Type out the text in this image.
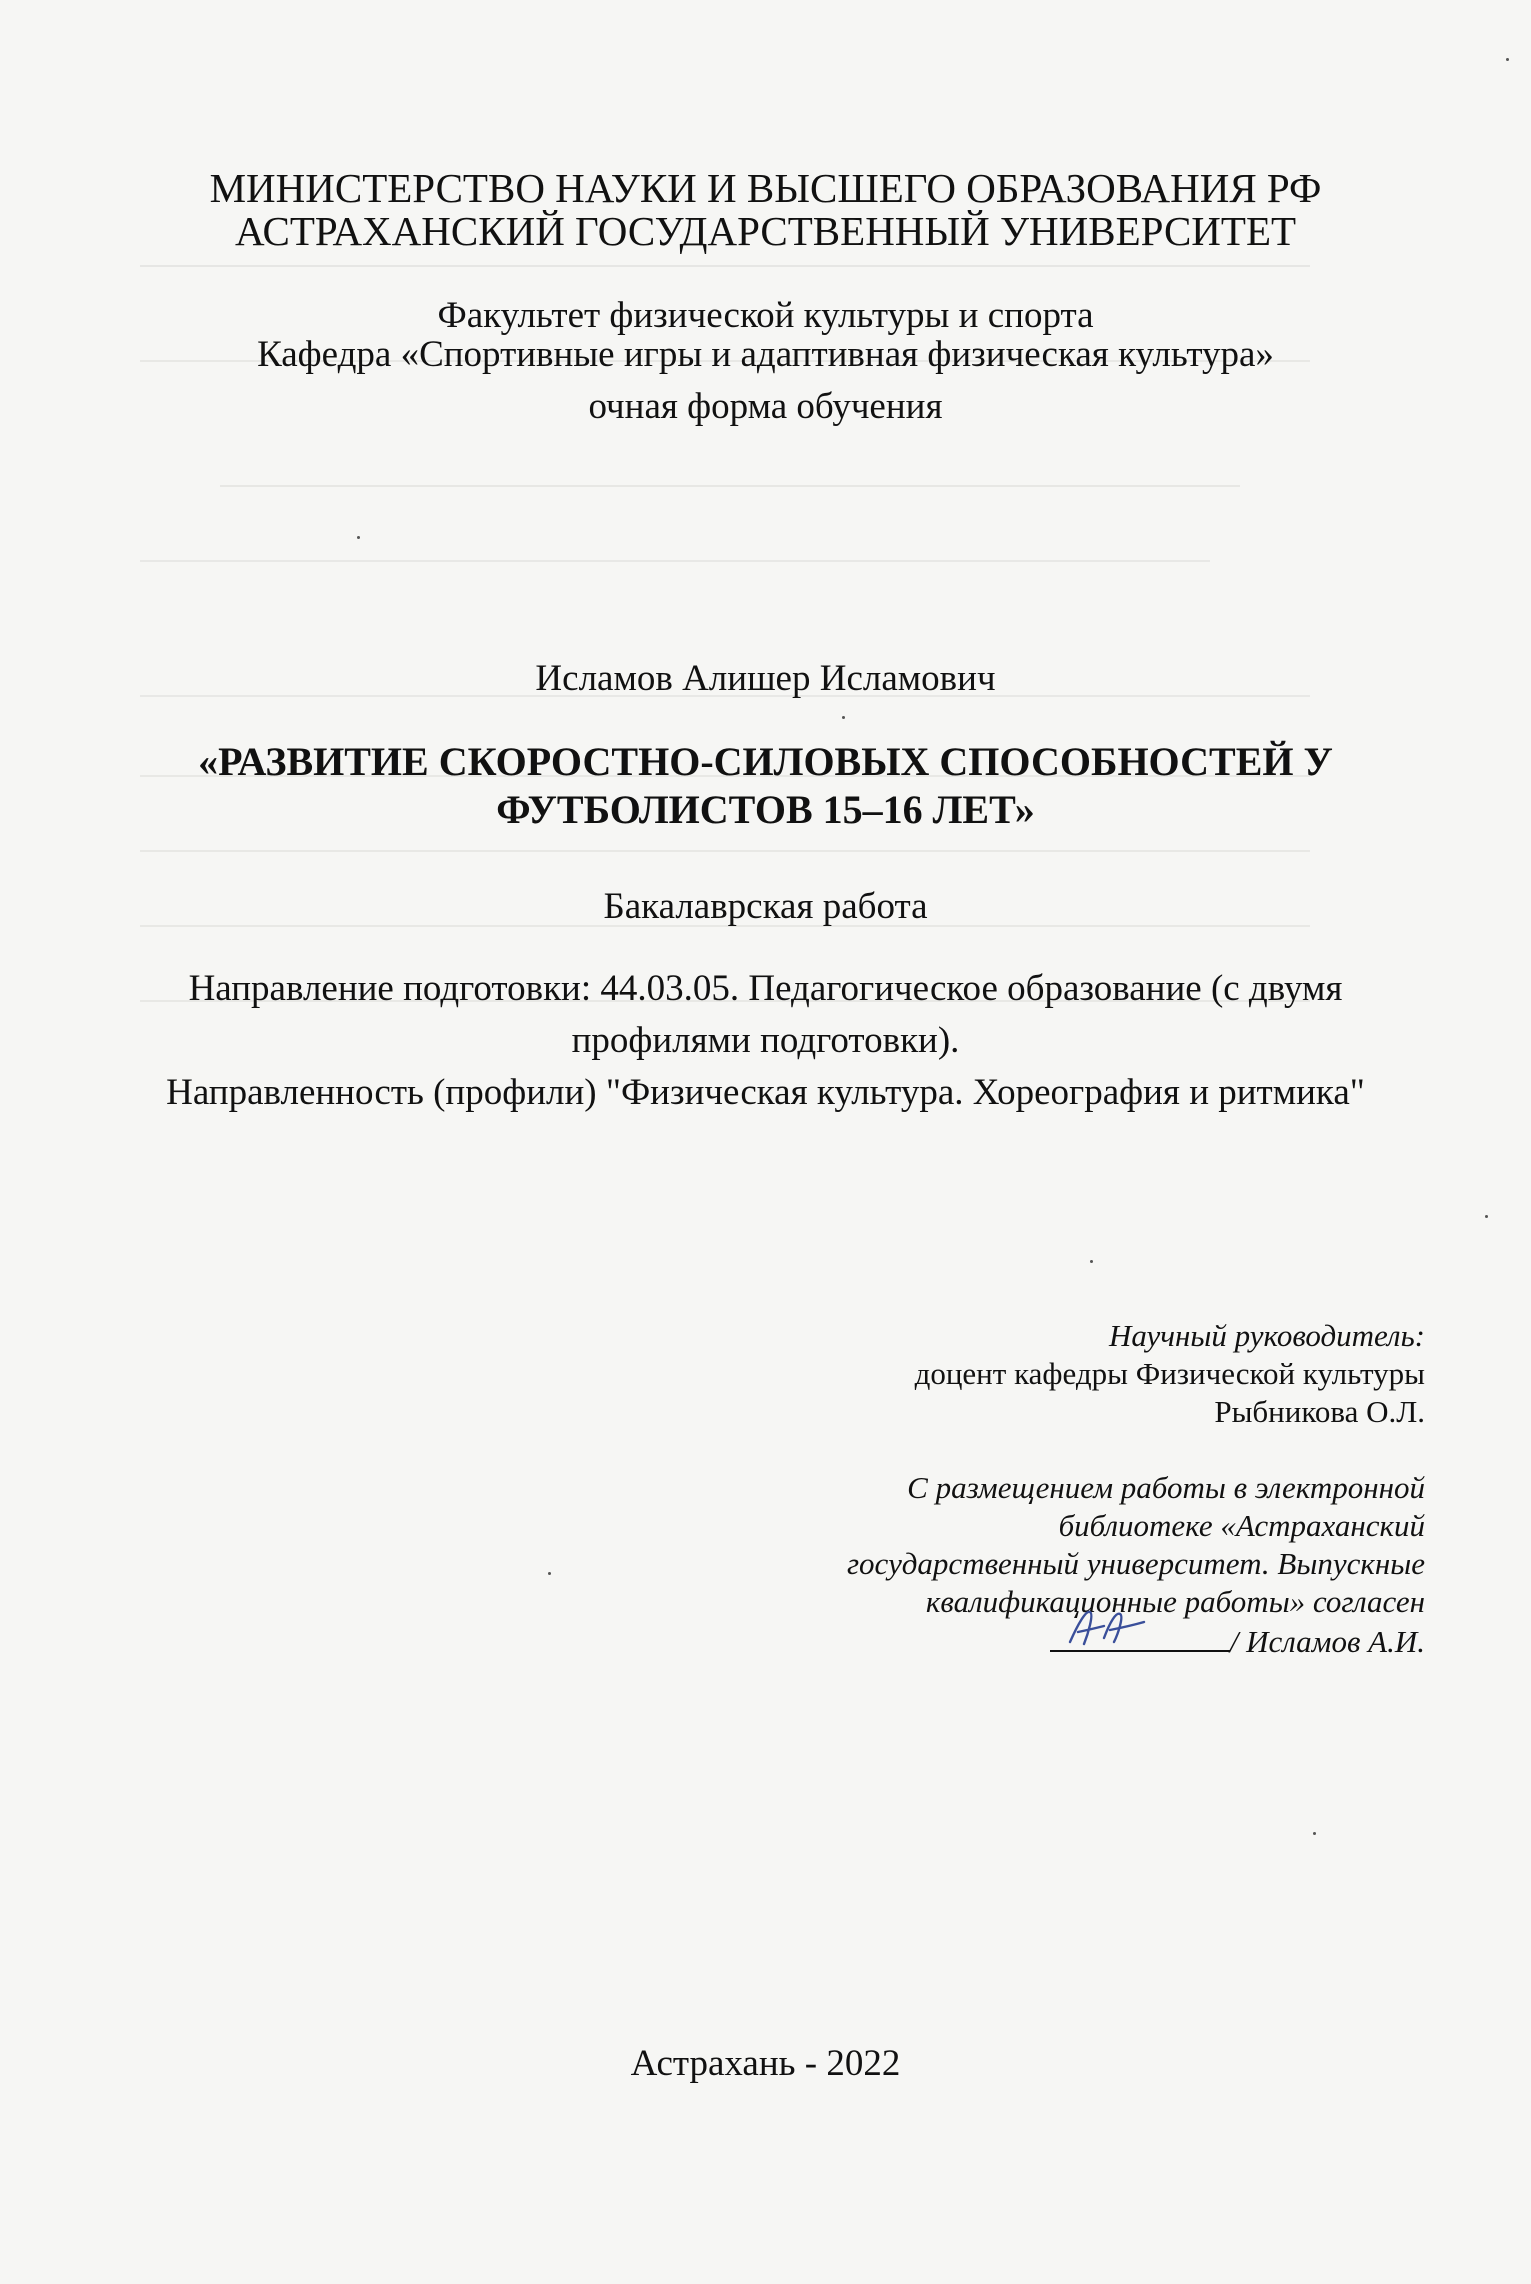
МИНИСТЕРСТВО НАУКИ И ВЫСШЕГО ОБРАЗОВАНИЯ РФ
АСТРАХАНСКИЙ ГОСУДАРСТВЕННЫЙ УНИВЕРСИТЕТ
Факультет физической культуры и спорта
Кафедра «Спортивные игры и адаптивная физическая культура»
очная форма обучения
Исламов Алишер Исламович
«РАЗВИТИЕ СКОРОСТНО-СИЛОВЫХ СПОСОБНОСТЕЙ У
ФУТБОЛИСТОВ 15–16 ЛЕТ»
Бакалаврская работа
Направление подготовки: 44.03.05. Педагогическое образование (с двумя
профилями подготовки).
Направленность (профили) "Физическая культура. Хореография и ритмика"
Научный руководитель:
доцент кафедры Физической культуры
Рыбникова О.Л.
С размещением работы в электронной
библиотеке «Астраханский
государственный университет. Выпускные
квалификационные работы» согласен
/ Исламов А.И.
Астрахань - 2022
